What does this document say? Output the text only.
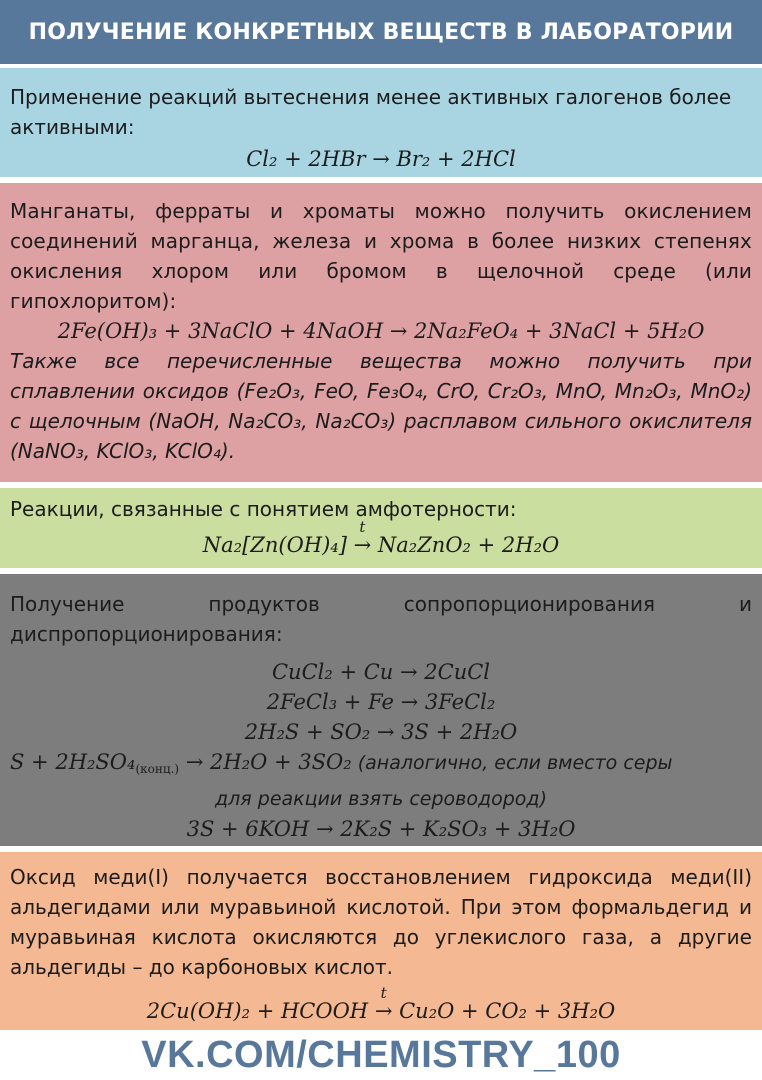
ПОЛУЧЕНИЕ КОНКРЕТНЫХ ВЕЩЕСТВ В ЛАБОРАТОРИИ

Применение реакций вытеснения менее активных галогенов более активными:

Cl₂ + 2HBr → Br₂ + 2HCl

Манганаты, ферраты и хроматы можно получить окислением соединений марганца, железа и хрома в более низких степенях окисления хлором или бромом в щелочной среде (или гипохлоритом):

2Fe(OH)₃ + 3NaClO + 4NaOH → 2Na₂FeO₄ + 3NaCl + 5H₂O

Также все перечисленные вещества можно получить при сплавлении оксидов (Fe₂O₃, FeO, Fe₃O₄, CrO, Cr₂O₃, MnO, Mn₂O₃, MnO₂) с щелочным (NaOH, Na₂CO₃, Na₂CO₃) расплавом сильного окислителя (NaNO₃, KClO₃, KClO₄).

Реакции, связанные с понятием амфотерности:

Na₂[Zn(OH)₄]
t
→ Na₂ZnO₂ + 2H₂O

Получение продуктов сопропорционирования и диспропорционирования:

CuCl₂ + Cu → 2CuCl
2FeCl₃ + Fe → 3FeCl₂
2H₂S + SO₂ → 3S + 2H₂O
$S + 2H_2SO_4_{(конц.)} \to 2H_2O + 3SO_2$ (аналогично, если вместо серы
для реакции взять сероводород)
3S + 6KOH → 2K₂S + K₂SO₃ + 3H₂O

Оксид меди(I) получается восстановлением гидроксида меди(II) альдегидами или муравьиной кислотой. При этом формальдегид и муравьиная кислота окисляются до углекислого газа, а другие альдегиды – до карбоновых кислот.

2Cu(OH)₂ + HCOOH
t
→ Cu₂O + CO₂ + 3H₂O
VK.COM/CHEMISTRY_100
